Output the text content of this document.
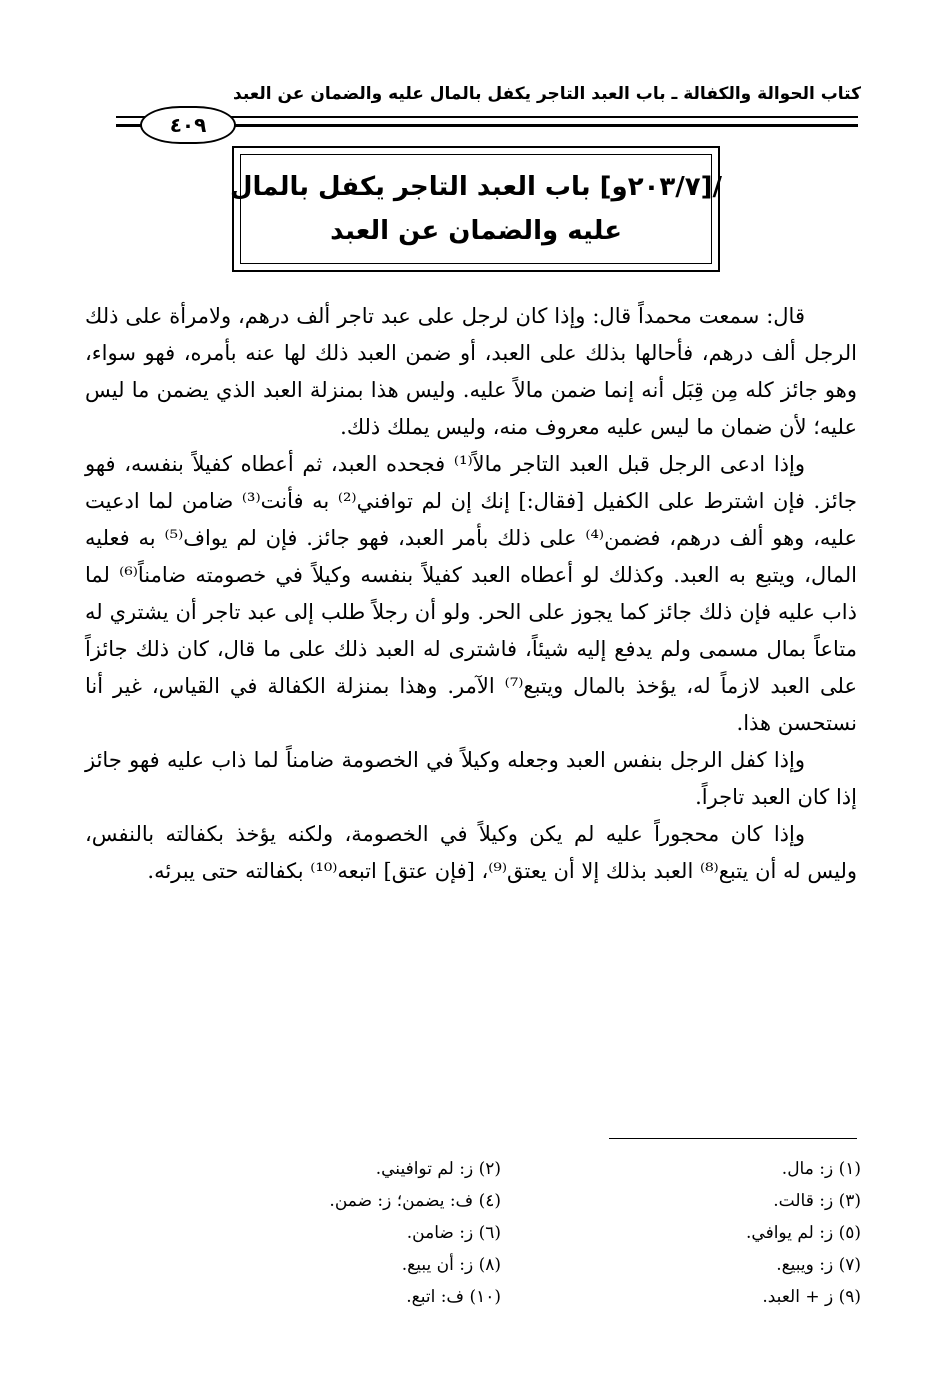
كتاب الحوالة والكفالة ـ باب العبد التاجر يكفل بالمال عليه والضمان عن العبد
٤٠٩
/[٢٠٣/٧و] باب العبد التاجر يكفل بالمال
عليه والضمان عن العبد

قال: سمعت محمداً قال: وإذا كان لرجل على عبد تاجر ألف درهم، ولامرأة على ذلك الرجل ألف درهم، فأحالها بذلك على العبد، أو ضمن العبد ذلك لها عنه بأمره، فهو سواء، وهو جائز كله مِن قِبَل أنه إنما ضمن مالاً عليه. وليس هذا بمنزلة العبد الذي يضمن ما ليس عليه؛ لأن ضمان ما ليس عليه معروف منه، وليس يملك ذلك.

وإذا ادعى الرجل قبل العبد التاجر مالاً⁽¹⁾ فجحده العبد، ثم أعطاه كفيلاً بنفسه، فهو جائز. فإن اشترط على الكفيل [فقال:] إنك إن لم توافني⁽²⁾ به فأنت⁽³⁾ ضامن لما ادعيت عليه، وهو ألف درهم، فضمن⁽⁴⁾ على ذلك بأمر العبد، فهو جائز. فإن لم يواف⁽⁵⁾ به فعليه المال، ويتبع به العبد. وكذلك لو أعطاه العبد كفيلاً بنفسه وكيلاً في خصومته ضامناً⁽⁶⁾ لما ذاب عليه فإن ذلك جائز كما يجوز على الحر. ولو أن رجلاً طلب إلى عبد تاجر أن يشتري له متاعاً بمال مسمى ولم يدفع إليه شيئاً، فاشترى له العبد ذلك على ما قال، كان ذلك جائزاً على العبد لازماً له، يؤخذ بالمال ويتبع⁽⁷⁾ الآمر. وهذا بمنزلة الكفالة في القياس، غير أنا نستحسن هذا.

وإذا كفل الرجل بنفس العبد وجعله وكيلاً في الخصومة ضامناً لما ذاب عليه فهو جائز إذا كان العبد تاجراً.

وإذا كان محجوراً عليه لم يكن وكيلاً في الخصومة، ولكنه يؤخذ بكفالته بالنفس، وليس له أن يتبع⁽⁸⁾ العبد بذلك إلا أن يعتق⁽⁹⁾، [فإن عتق] اتبعه⁽¹⁰⁾ بكفالته حتى يبرئه.

(١) ز: مال.
(٢) ز: لم توافيني.
(٣) ز: قالت.
(٤) ف: يضمن؛ ز: ضمن.
(٥) ز: لم يوافي.
(٦) ز: ضامن.
(٧) ز: ويبيع.
(٨) ز: أن يبيع.
(٩) ز + العبد.
(١٠) ف: اتبع.
